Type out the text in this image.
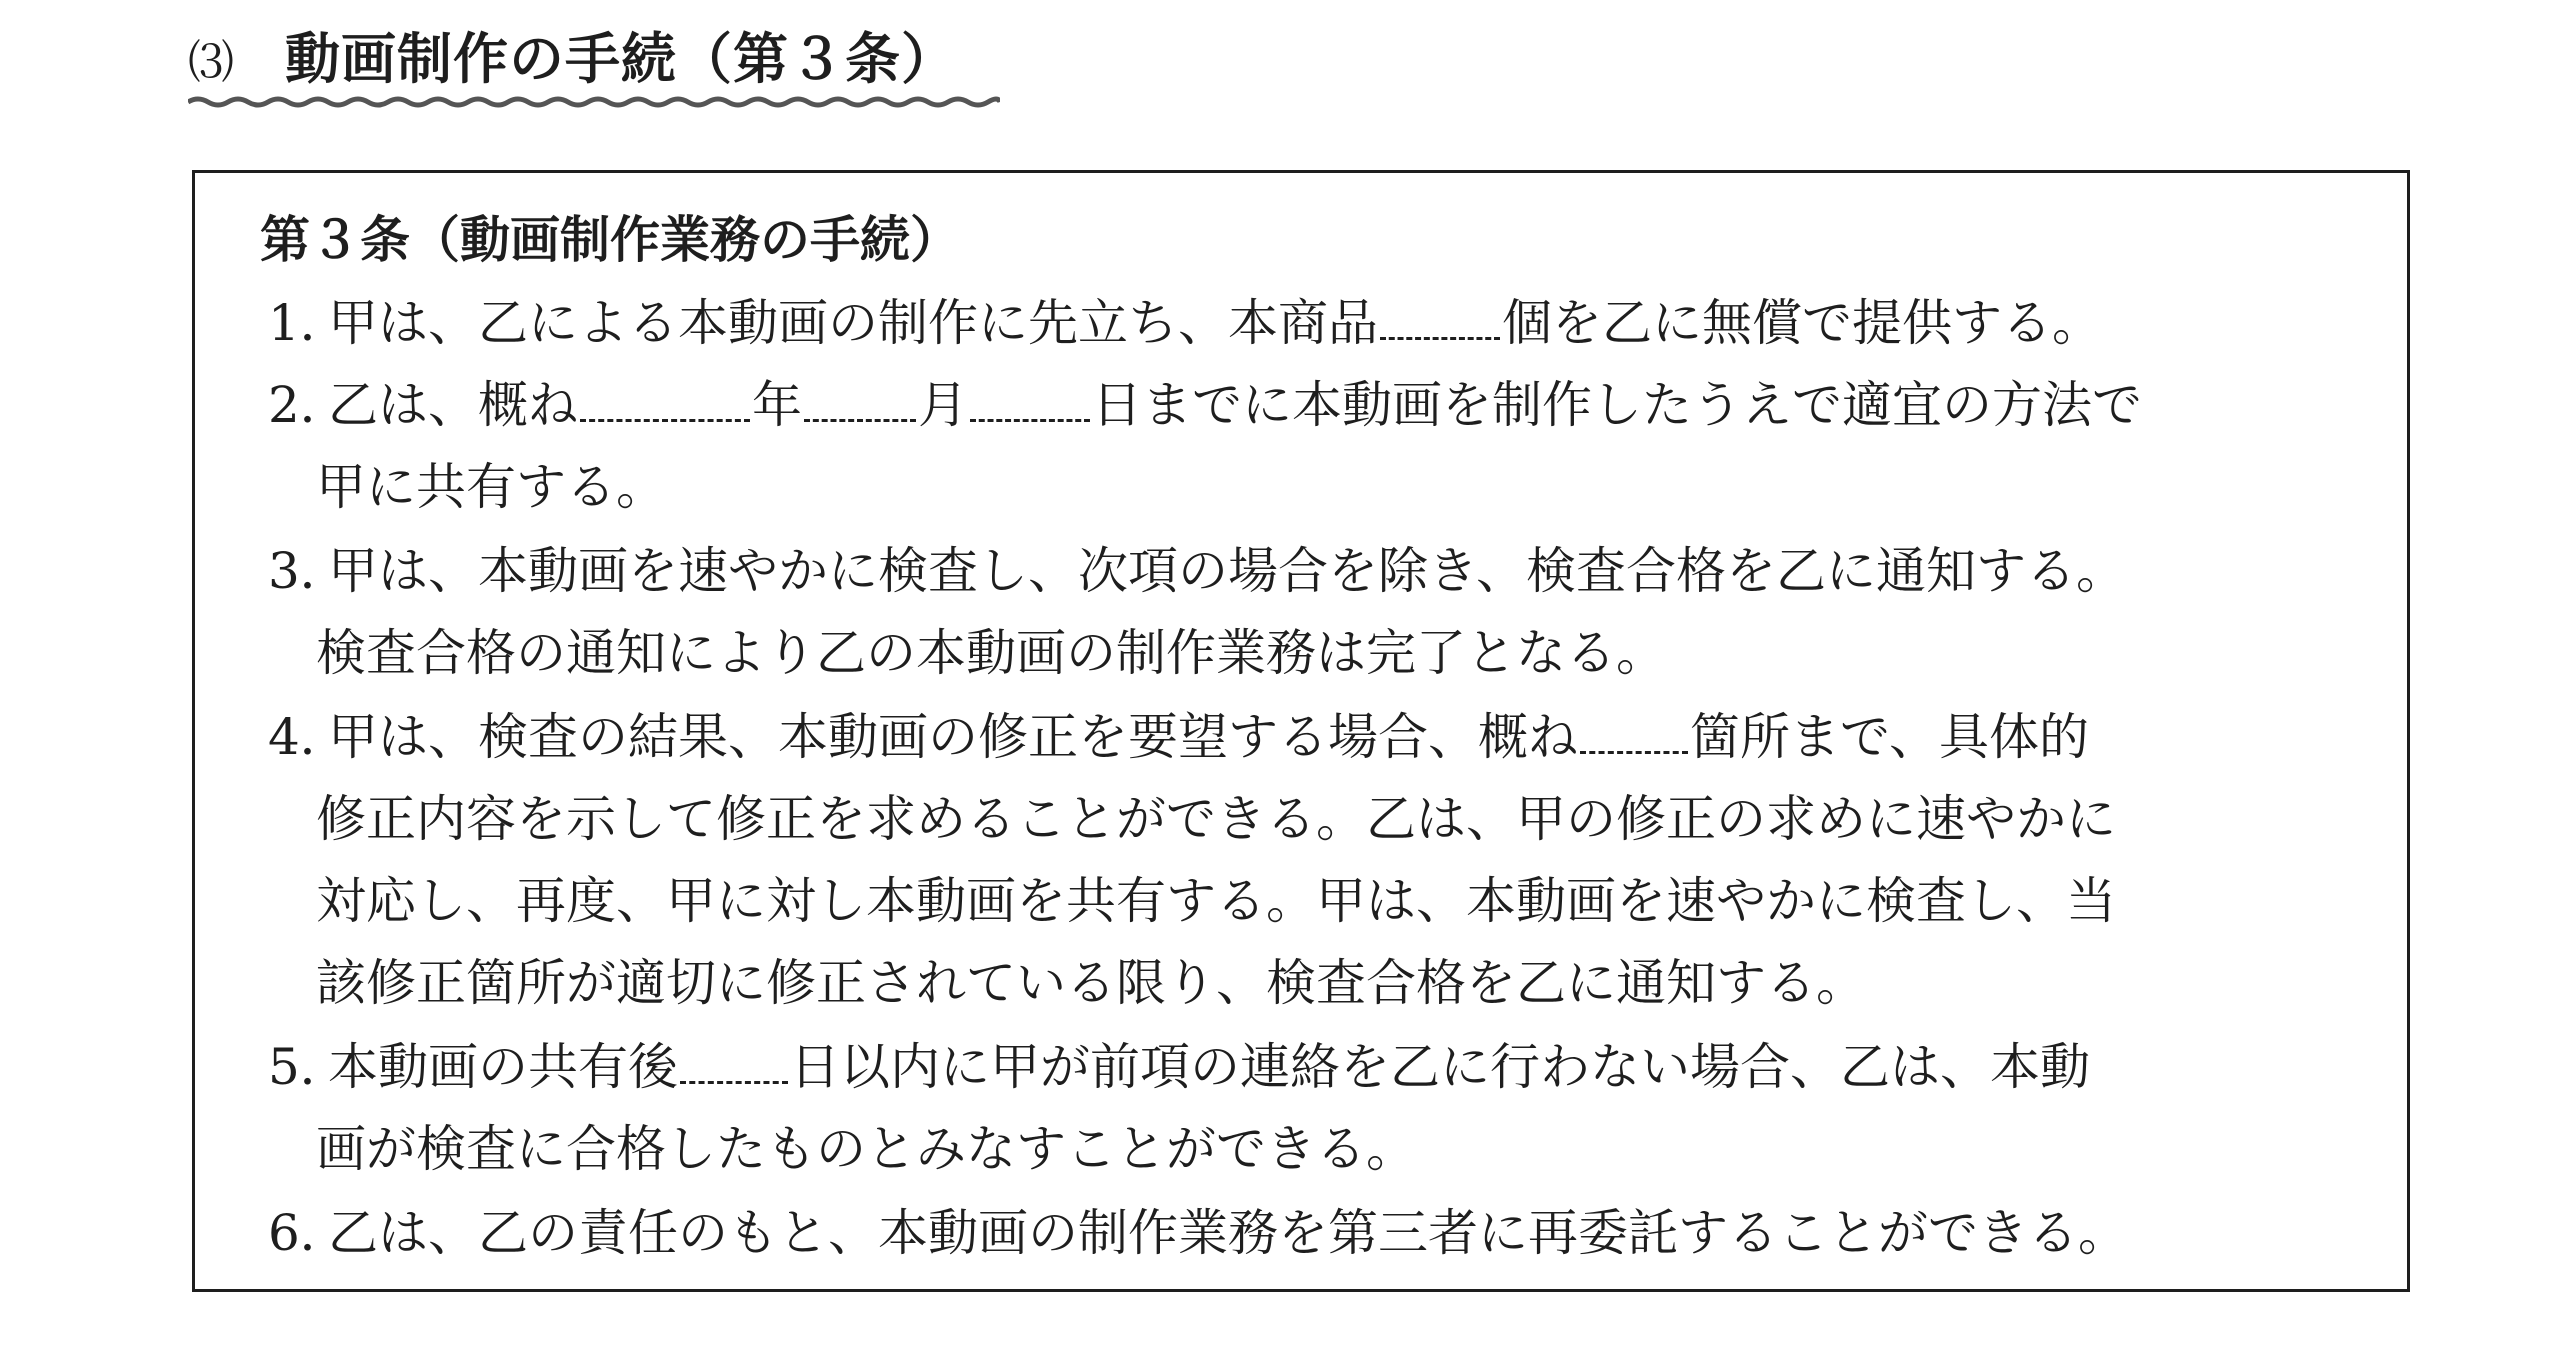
⑶ 動画制作の手続（第３条）
第３条（動画制作業務の手続）
1．甲は、乙による本動画の制作に先立ち、本商品 個を乙に無償で提供する。
2．乙は、概ね	年 月 日までに本動画を制作したうえで適宜の方法で
甲に共有する。
3．甲は、本動画を速やかに検査し、次項の場合を除き、検査合格を乙に通知する。
検査合格の通知により乙の本動画の制作業務は完了となる。
4．甲は、検査の結果、本動画の修正を要望する場合、概ね 箇所まで、具体的
修正内容を示して修正を求めることができる。乙は、甲の修正の求めに速やかに
対応し、再度、甲に対し本動画を共有する。甲は、本動画を速やかに検査し、当
該修正箇所が適切に修正されている限り、検査合格を乙に通知する。
5．本動画の共有後 日以内に甲が前項の連絡を乙に行わない場合、乙は、本動
画が検査に合格したものとみなすことができる。
6．乙は、乙の責任のもと、本動画の制作業務を第三者に再委託することができる。
